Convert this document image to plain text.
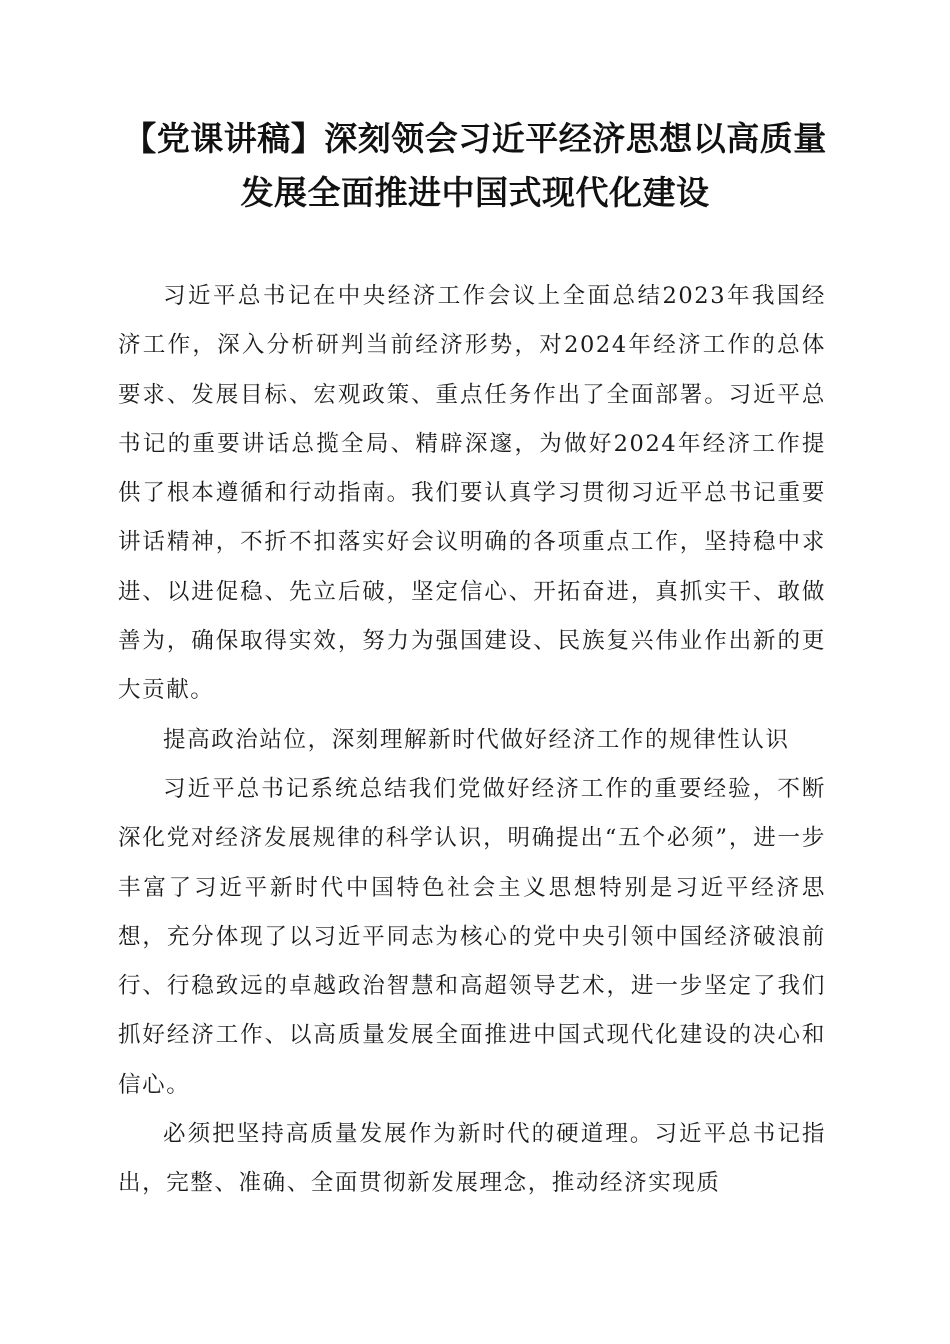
【党课讲稿】深刻领会习近平经济思想以高质量发展全面推进中国式现代化建设

习近平总书记在中央经济工作会议上全面总结2023年我国经济工作，深入分析研判当前经济形势，对2024年经济工作的总体要求、发展目标、宏观政策、重点任务作出了全面部署。习近平总书记的重要讲话总揽全局、精辟深邃，为做好2024年经济工作提供了根本遵循和行动指南。我们要认真学习贯彻习近平总书记重要讲话精神，不折不扣落实好会议明确的各项重点工作，坚持稳中求进、以进促稳、先立后破，坚定信心、开拓奋进，真抓实干、敢做善为，确保取得实效，努力为强国建设、民族复兴伟业作出新的更大贡献。

提高政治站位，深刻理解新时代做好经济工作的规律性认识

习近平总书记系统总结我们党做好经济工作的重要经验，不断深化党对经济发展规律的科学认识，明确提出“五个必须”，进一步丰富了习近平新时代中国特色社会主义思想特别是习近平经济思想，充分体现了以习近平同志为核心的党中央引领中国经济破浪前行、行稳致远的卓越政治智慧和高超领导艺术，进一步坚定了我们抓好经济工作、以高质量发展全面推进中国式现代化建设的决心和信心。

必须把坚持高质量发展作为新时代的硬道理。习近平总书记指出，完整、准确、全面贯彻新发展理念，推动经济实现质
